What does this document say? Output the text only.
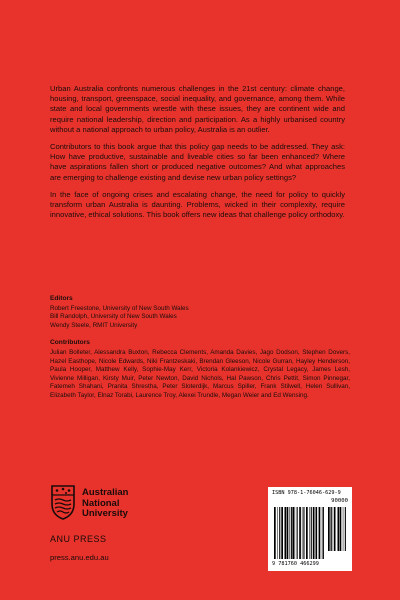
Urban Australia confronts numerous challenges in the 21st century: climate change, housing, transport, greenspace, social inequality, and governance, among them. While state and local governments wrestle with these issues, they are continent wide and require national leadership, direction and participation. As a highly urbanised country without a national approach to urban policy, Australia is an outlier.

Contributors to this book argue that this policy gap needs to be addressed. They ask: How have productive, sustainable and liveable cities so far been enhanced? Where have aspirations fallen short or produced negative outcomes? And what approaches are emerging to challenge existing and devise new urban policy settings?

In the face of ongoing crises and escalating change, the need for policy to quickly transform urban Australia is daunting. Problems, wicked in their complexity, require innovative, ethical solutions. This book offers new ideas that challenge policy orthodoxy.

Editors
Robert Freestone, University of New South Wales
Bill Randolph, University of New South Wales
Wendy Steele, RMIT University
Contributors
Julian Bolleter, Alessandra Buxton, Rebecca Clements, Amanda Davies, Jago Dodson, Stephen Dovers, Hazel Easthope, Nicole Edwards, Niki Frantzeskaki, Brendan Gleeson, Nicole Gurran, Hayley Henderson, Paula Hooper, Matthew Kelly, Sophie-May Kerr, Victoria Kolankiewicz, Crystal Legacy, James Lesh, Vivienne Milligan, Kirsty Muir, Peter Newton, David Nichols, Hal Pawson, Chris Pettit, Simon Pinnegar, Fatemeh Shahani, Pranita Shrestha, Peter Sloterdijk, Marcus Spiller, Frank Stilwell, Helen Sullivan, Elizabeth Taylor, Elnaz Torabi, Laurence Troy, Alexei Trundle, Megan Weier and Ed Wensing.
Australian
National
University
ANU PRESS
press.anu.edu.au
ISBN 978-1-76046-629-9
90000
9 781760 466299
